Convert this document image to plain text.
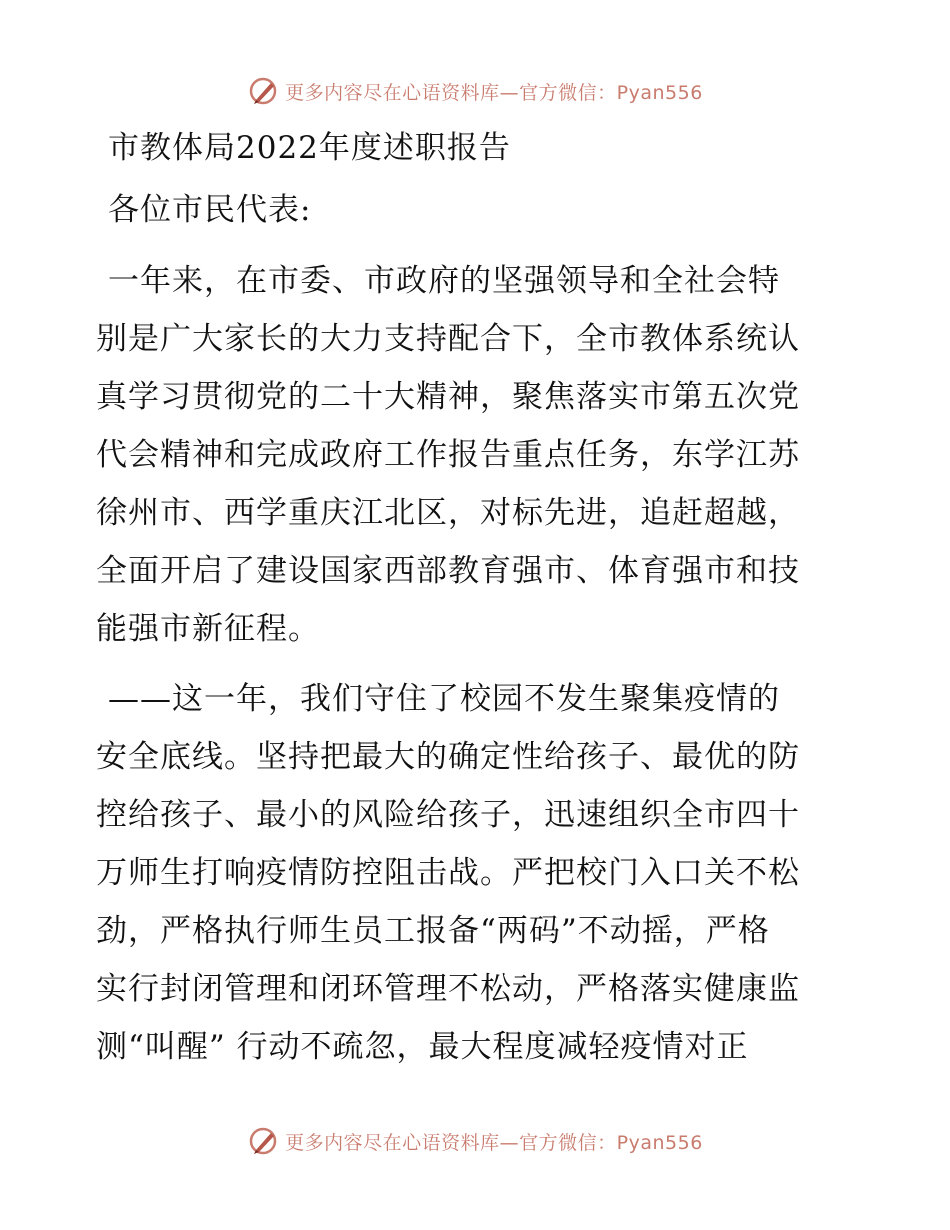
更多内容尽在心语资料库—官方微信：Pyan556
市教体局2022年度述职报告
各位市民代表:
一年来，在市委、市政府的坚强领导和全社会特
别是广大家长的大力支持配合下，全市教体系统认
真学习贯彻党的二十大精神，聚焦落实市第五次党
代会精神和完成政府工作报告重点任务，东学江苏
徐州市、西学重庆江北区，对标先进，追赶超越，
全面开启了建设国家西部教育强市、体育强市和技
能强市新征程。
——这一年，我们守住了校园不发生聚集疫情的
安全底线。坚持把最大的确定性给孩子、最优的防
控给孩子、最小的风险给孩子，迅速组织全市四十
万师生打响疫情防控阻击战。严把校门入口关不松
劲，严格执行师生员工报备“两码”不动摇，严格
实行封闭管理和闭环管理不松动，严格落实健康监
测“叫醒” 行动不疏忽，最大程度减轻疫情对正
更多内容尽在心语资料库—官方微信：Pyan556
